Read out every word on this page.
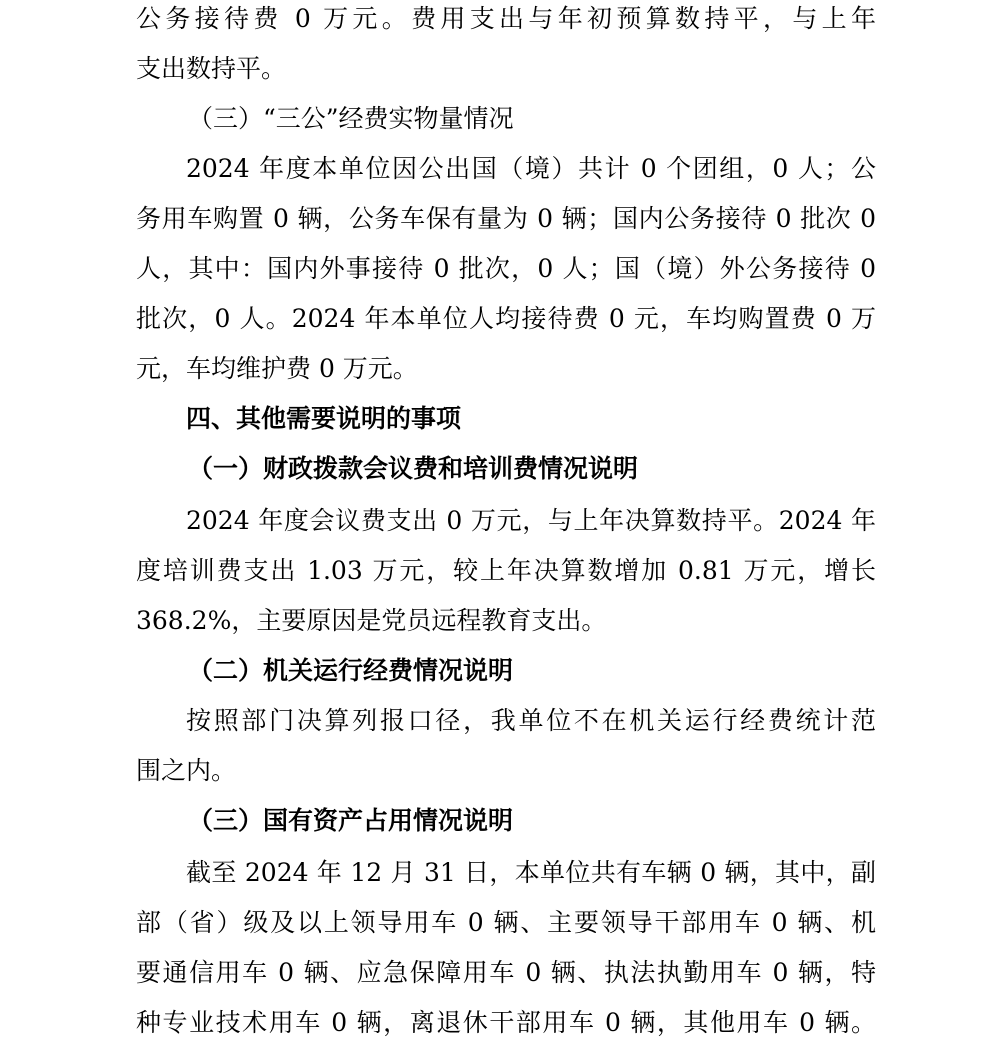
公务接待费 0 万元。费用支出与年初预算数持平，与上年
支出数持平。
（三）“三公”经费实物量情况
2024 年度本单位因公出国（境）共计 0 个团组，0 人；公
务用车购置 0 辆，公务车保有量为 0 辆；国内公务接待 0 批次 0
人，其中：国内外事接待 0 批次，0 人；国（境）外公务接待 0
批次，0 人。2024 年本单位人均接待费 0 元，车均购置费 0 万
元，车均维护费 0 万元。
四、其他需要说明的事项
（一）财政拨款会议费和培训费情况说明
2024 年度会议费支出 0 万元，与上年决算数持平。2024 年
度培训费支出 1.03 万元，较上年决算数增加 0.81 万元，增长
368.2%，主要原因是党员远程教育支出。
（二）机关运行经费情况说明
按照部门决算列报口径，我单位不在机关运行经费统计范
围之内。
（三）国有资产占用情况说明
截至 2024 年 12 月 31 日，本单位共有车辆 0 辆，其中，副
部（省）级及以上领导用车 0 辆、主要领导干部用车 0 辆、机
要通信用车 0 辆、应急保障用车 0 辆、执法执勤用车 0 辆，特
种专业技术用车 0 辆，离退休干部用车 0 辆，其他用车 0 辆。
